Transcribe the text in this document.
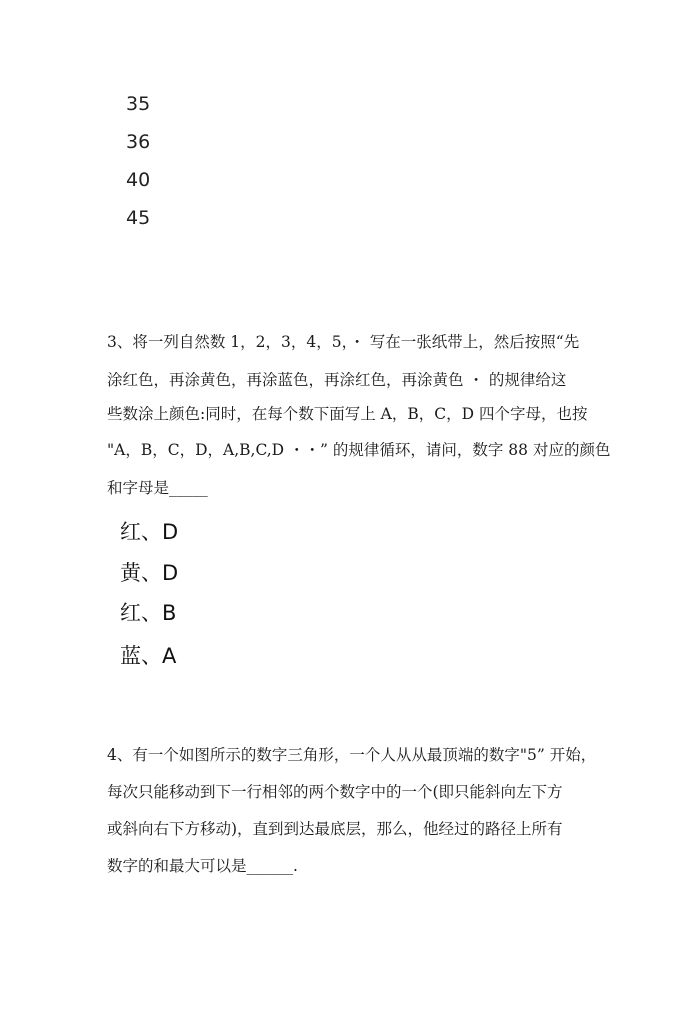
35
36
40
45
3、将一列自然数 1，2，3，4，5，・ 写在一张纸带上，然后按照“先
涂红色，再涂黄色，再涂蓝色，再涂红色，再涂黄色 ・ 的规律给这
些数涂上颜色:同时，在每个数下面写上 A，B，C，D 四个字母，也按
"A，B，C，D，A,B,C,D ・・” 的规律循环，请问，数字 88 对应的颜色
和字母是_____
红、D
黄、D
红、B
蓝、A
4、有一个如图所示的数字三角形，一个人从从最顶端的数字"5” 开始，
每次只能移动到下一行相邻的两个数字中的一个(即只能斜向左下方
或斜向右下方移动)，直到到达最底层，那么，他经过的路径上所有
数字的和最大可以是______.
